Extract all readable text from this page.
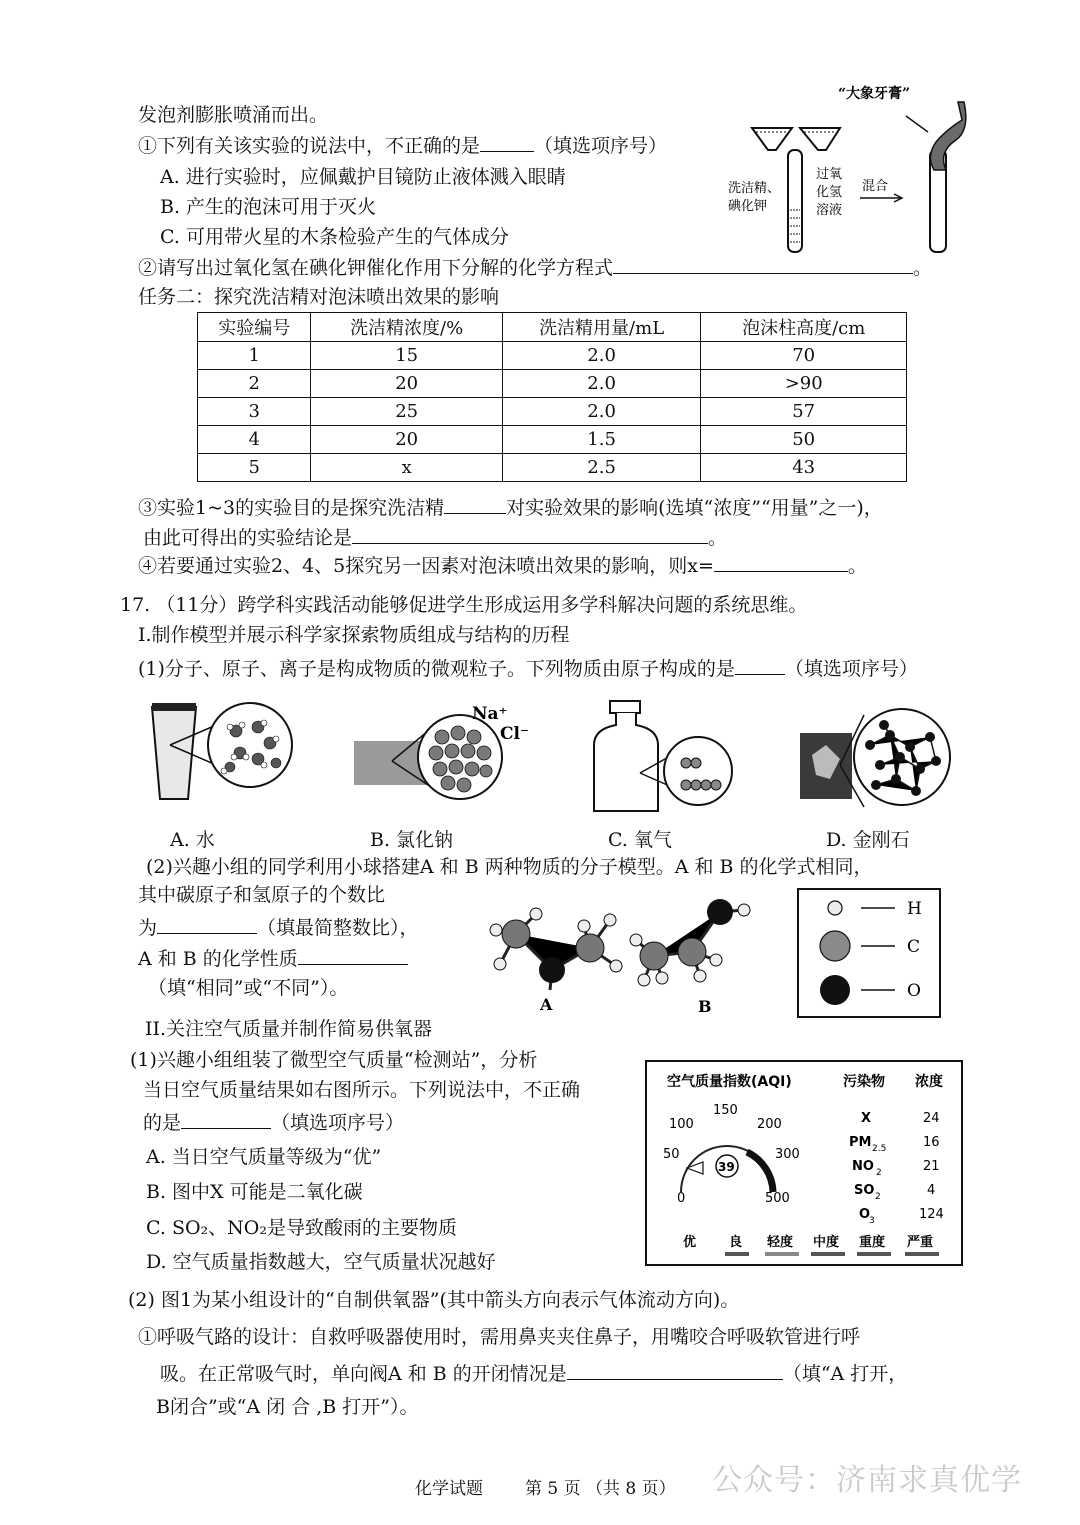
发泡剂膨胀喷涌而出。
①下列有关该实验的说法中，不正确的是	（填选项序号）
A. 进行实验时，应佩戴护目镜防止液体溅入眼睛
B. 产生的泡沫可用于灭火
C. 可用带火星的木条检验产生的气体成分
②请写出过氧化氢在碘化钾催化作用下分解的化学方程式	。
任务二：探究洗洁精对泡沫喷出效果的影响
“大象牙膏”
洗洁精、
碘化钾
过氧
化氢
溶液
混合
实验编号	洗洁精浓度/%	洗洁精用量/mL	泡沫柱高度/cm
1	15	2.0	70
2	20	2.0	>90
3	25	2.0	57
4	20	1.5	50
5	x	2.5	43
③实验1~3的实验目的是探究洗洁精	对实验效果的影响(选填“浓度”“用量”之一)，
由此可得出的实验结论是	。
④若要通过实验2、4、5探究另一因素对泡沫喷出效果的影响，则x=	。
17. （11分）跨学科实践活动能够促进学生形成运用多学科解决问题的系统思维。
I.制作模型并展示科学家探索物质组成与结构的历程
(1)分子、原子、离子是构成物质的微观粒子。下列物质由原子构成的是	（填选项序号）
Na⁺
Cl⁻
A. 水	B. 氯化钠	C. 氧气	D. 金刚石
(2)兴趣小组的同学利用小球搭建A 和 B 两种物质的分子模型。A 和 B 的化学式相同，
其中碳原子和氢原子的个数比
为	（填最简整数比），
A 和 B 的化学性质
（填“相同”或“不同”）。
A	B
H
C
O
II.关注空气质量并制作简易供氧器
(1)兴趣小组组装了微型空气质量“检测站”，分析
当日空气质量结果如右图所示。下列说法中，不正确
的是	（填选项序号）
A. 当日空气质量等级为“优”
B. 图中X 可能是二氧化碳
C. SO₂、NO₂是导致酸雨的主要物质
D. 空气质量指数越大，空气质量状况越好
空气质量指数(AQI)	污染物 浓度
39
0
50
100
150
200
300
500
X	24
PM 2.5	16
NO 2	21
SO 2	4
O
3	124
优	良 轻度 中度 重度 严重
(2) 图1为某小组设计的“自制供氧器”(其中箭头方向表示气体流动方向)。
①呼吸气路的设计：自救呼吸器使用时，需用鼻夹夹住鼻子，用嘴咬合呼吸软管进行呼
吸。在正常吸气时，单向阀A 和 B 的开闭情况是	（填“A 打开，
B闭合”或“A 闭 合 ,B 打开”）。
化学试题 第 5 页 （共 8 页） 公众号：济南求真优学
